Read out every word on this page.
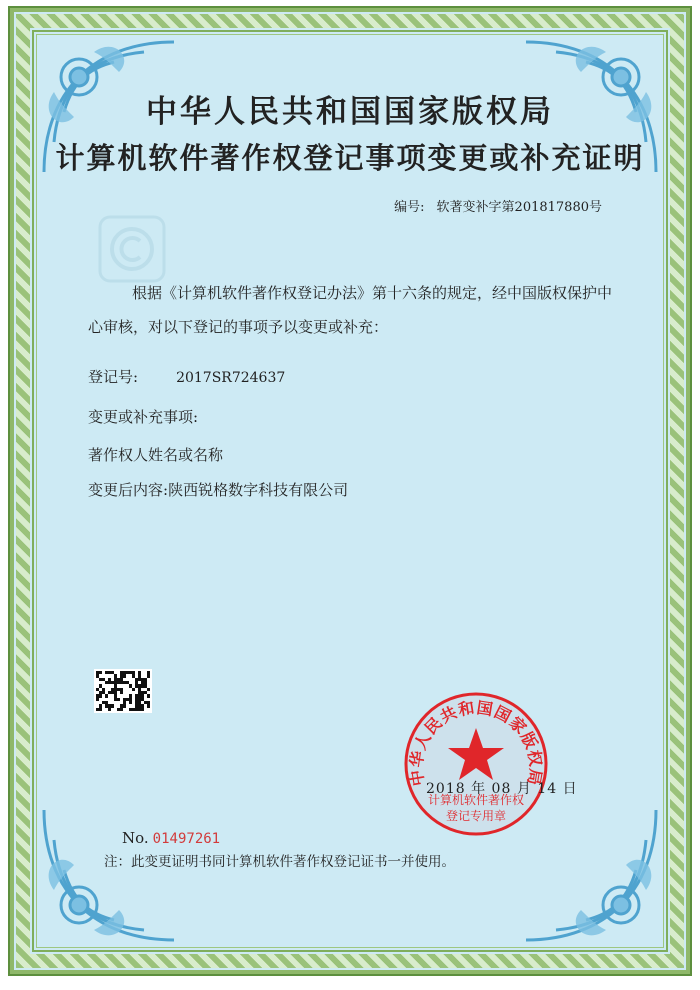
中华人民共和国国家版权局
计算机软件著作权登记事项变更或补充证明
编号: 软著变补字第201817880号
根据《计算机软件著作权登记办法》第十六条的规定，经中国版权保护中心审核，对以下登记的事项予以变更或补充：
登记号:	2017SR724637
变更或补充事项:
著作权人姓名或名称
变更后内容:陕西锐格数字科技有限公司
中华人民共和国国家版权局
计算机软件著作权
登记专用章
2018 年 08 月 14 日
No. 01497261
注：此变更证明书同计算机软件著作权登记证书一并使用。
